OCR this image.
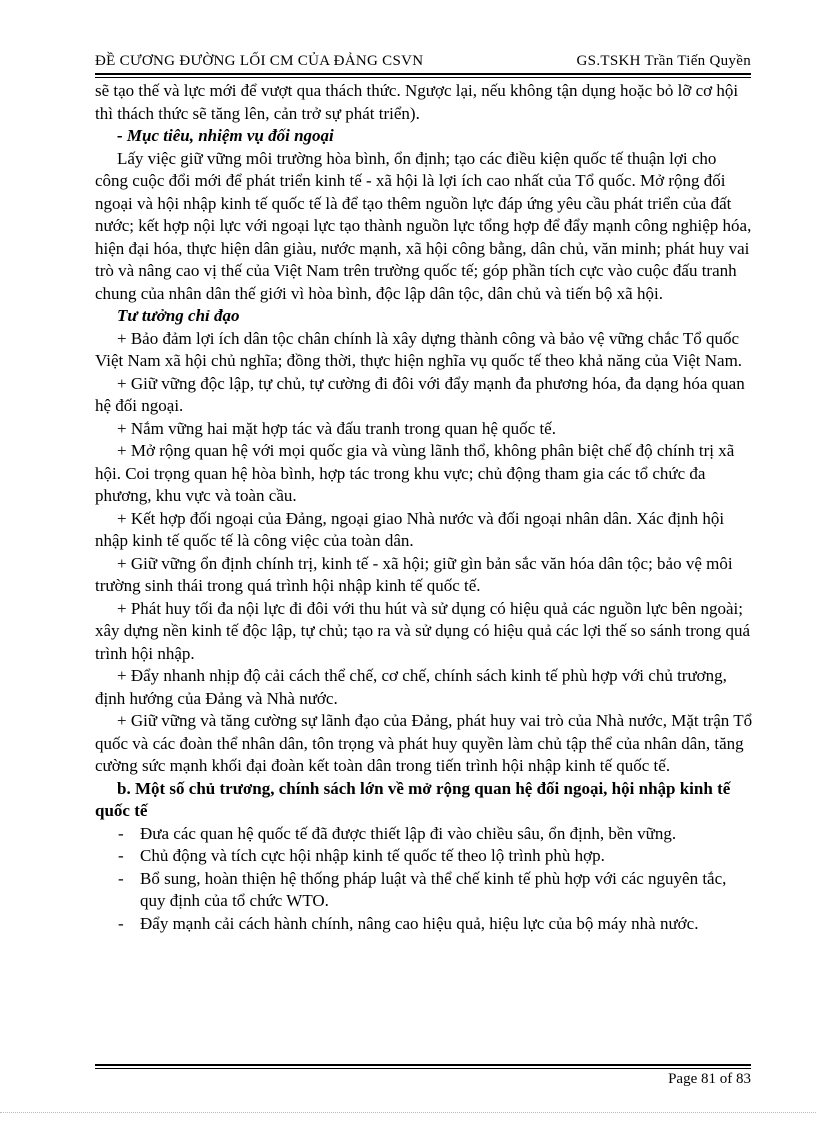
ĐỀ CƯƠNG ĐƯỜNG LỐI CM CỦA ĐẢNG CSVN	GS.TSKH Trần Tiến Quyền

sẽ tạo thế và lực mới để vượt qua thách thức. Ngược lại, nếu không tận dụng hoặc bỏ lỡ cơ hội thì thách thức sẽ tăng lên, cản trở sự phát triển).

- Mục tiêu, nhiệm vụ đối ngoại

Lấy việc giữ vững môi trường hòa bình, ổn định; tạo các điều kiện quốc tế thuận lợi cho công cuộc đổi mới để phát triển kinh tế - xã hội là lợi ích cao nhất của Tổ quốc. Mở rộng đối ngoại và hội nhập kinh tế quốc tế là để tạo thêm nguồn lực đáp ứng yêu cầu phát triển của đất nước; kết hợp nội lực với ngoại lực tạo thành nguồn lực tổng hợp để đẩy mạnh công nghiệp hóa, hiện đại hóa, thực hiện dân giàu, nước mạnh, xã hội công bằng, dân chủ, văn minh; phát huy vai trò và nâng cao vị thế của Việt Nam trên trường quốc tế; góp phần tích cực vào cuộc đấu tranh chung của nhân dân thế giới vì hòa bình, độc lập dân tộc, dân chủ và tiến bộ xã hội.

Tư tưởng chỉ đạo

+ Bảo đảm lợi ích dân tộc chân chính là xây dựng thành công và bảo vệ vững chắc Tổ quốc Việt Nam xã hội chủ nghĩa; đồng thời, thực hiện nghĩa vụ quốc tế theo khả năng của Việt Nam.

+ Giữ vững độc lập, tự chủ, tự cường đi đôi với đẩy mạnh đa phương hóa, đa dạng hóa quan hệ đối ngoại.

+ Nắm vững hai mặt hợp tác và đấu tranh trong quan hệ quốc tế.

+ Mở rộng quan hệ với mọi quốc gia và vùng lãnh thổ, không phân biệt chế độ chính trị xã hội. Coi trọng quan hệ hòa bình, hợp tác trong khu vực; chủ động tham gia các tổ chức đa phương, khu vực và toàn cầu.

+ Kết hợp đối ngoại của Đảng, ngoại giao Nhà nước và đối ngoại nhân dân. Xác định hội nhập kinh tế quốc tế là công việc của toàn dân.

+ Giữ vững ổn định chính trị, kinh tế - xã hội; giữ gìn bản sắc văn hóa dân tộc; bảo vệ môi trường sinh thái trong quá trình hội nhập kinh tế quốc tế.

+ Phát huy tối đa nội lực đi đôi với thu hút và sử dụng có hiệu quả các nguồn lực bên ngoài; xây dựng nền kinh tế độc lập, tự chủ; tạo ra và sử dụng có hiệu quả các lợi thế so sánh trong quá trình hội nhập.

+ Đẩy nhanh nhịp độ cải cách thể chế, cơ chế, chính sách kinh tế phù hợp với chủ trương, định hướng của Đảng và Nhà nước.

+ Giữ vững và tăng cường sự lãnh đạo của Đảng, phát huy vai trò của Nhà nước, Mặt trận Tổ quốc và các đoàn thể nhân dân, tôn trọng và phát huy quyền làm chủ tập thể của nhân dân, tăng cường sức mạnh khối đại đoàn kết toàn dân trong tiến trình hội nhập kinh tế quốc tế.

b. Một số chủ trương, chính sách lớn về mở rộng quan hệ đối ngoại, hội nhập kinh tế quốc tế

- Đưa các quan hệ quốc tế đã được thiết lập đi vào chiều sâu, ổn định, bền vững.

- Chủ động và tích cực hội nhập kinh tế quốc tế theo lộ trình phù hợp.

- Bổ sung, hoàn thiện hệ thống pháp luật và thể chế kinh tế phù hợp với các nguyên tắc, quy định của tổ chức WTO.

- Đẩy mạnh cải cách hành chính, nâng cao hiệu quả, hiệu lực của bộ máy nhà nước.

Page 81 of 83
